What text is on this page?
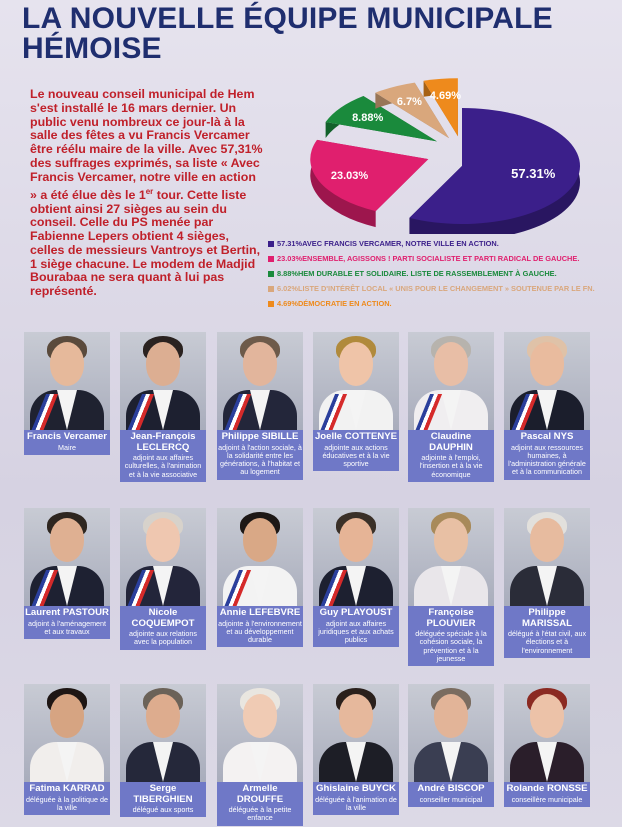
LA NOUVELLE ÉQUIPE MUNICIPALE
HÉMOISE
Le nouveau conseil municipal de Hem s'est installé le 16 mars dernier. Un public venu nombreux ce jour-là à la salle des fêtes a vu Francis Vercamer être réélu maire de la ville. Avec 57,31% des suffrages exprimés, sa liste « Avec Francis Vercamer, notre ville en action » a été élue dès le 1er tour. Cette liste obtient ainsi 27 sièges au sein du conseil. Celle du PS menée par Fabienne Lepers obtient 4 sièges, celles de messieurs Vantroys et Bertin, 1 siège chacune. Le modem de Madjid Bourabaa ne sera quant à lui pas représenté.
57.31%
23.03%
8.88%
6.7%
4.69%
57.31% AVEC FRANCIS VERCAMER, NOTRE VILLE EN ACTION.
23.03% ENSEMBLE, AGISSONS ! PARTI SOCIALISTE ET PARTI RADICAL DE GAUCHE.
8.88% HEM DURABLE ET SOLIDAIRE. LISTE DE RASSEMBLEMENT À GAUCHE.
6.02% LISTE D'INTÉRÊT LOCAL « UNIS POUR LE CHANGEMENT » SOUTENUE PAR LE FN.
4.69% DÉMOCRATIE EN ACTION.
Francis Vercamer
Maire
Jean-François LECLERCQ
adjoint aux affaires culturelles, à l'animation et à la vie associative
Philippe SIBILLE
adjoint à l'action sociale, à la solidarité entre les générations, à l'habitat et au logement
Joelle COTTENYE
adjointe aux actions éducatives et à la vie sportive
Claudine DAUPHIN
adjointe à l'emploi, l'insertion et à la vie économique
Pascal NYS
adjoint aux ressources humaines, à l'administration générale et à la communication
Laurent PASTOUR
adjoint à l'aménagement et aux travaux
Nicole COQUEMPOT
adjointe aux relations avec la population
Annie LEFEBVRE
adjointe à l'environnement et au développement durable
Guy PLAYOUST
adjoint aux affaires juridiques et aux achats publics
Françoise PLOUVIER
déléguée spéciale à la cohésion sociale, la prévention et à la jeunesse
Philippe MARISSAL
délégué à l'état civil, aux élections et à l'environnement
Fatima KARRAD
déléguée à la politique de la ville
Serge TIBERGHIEN
délégué aux sports
Armelle DROUFFE
déléguée à la petite enfance
Ghislaine BUYCK
déléguée à l'animation de la ville
André BISCOP
conseiller municipal
Rolande RONSSE
conseillère municipale
